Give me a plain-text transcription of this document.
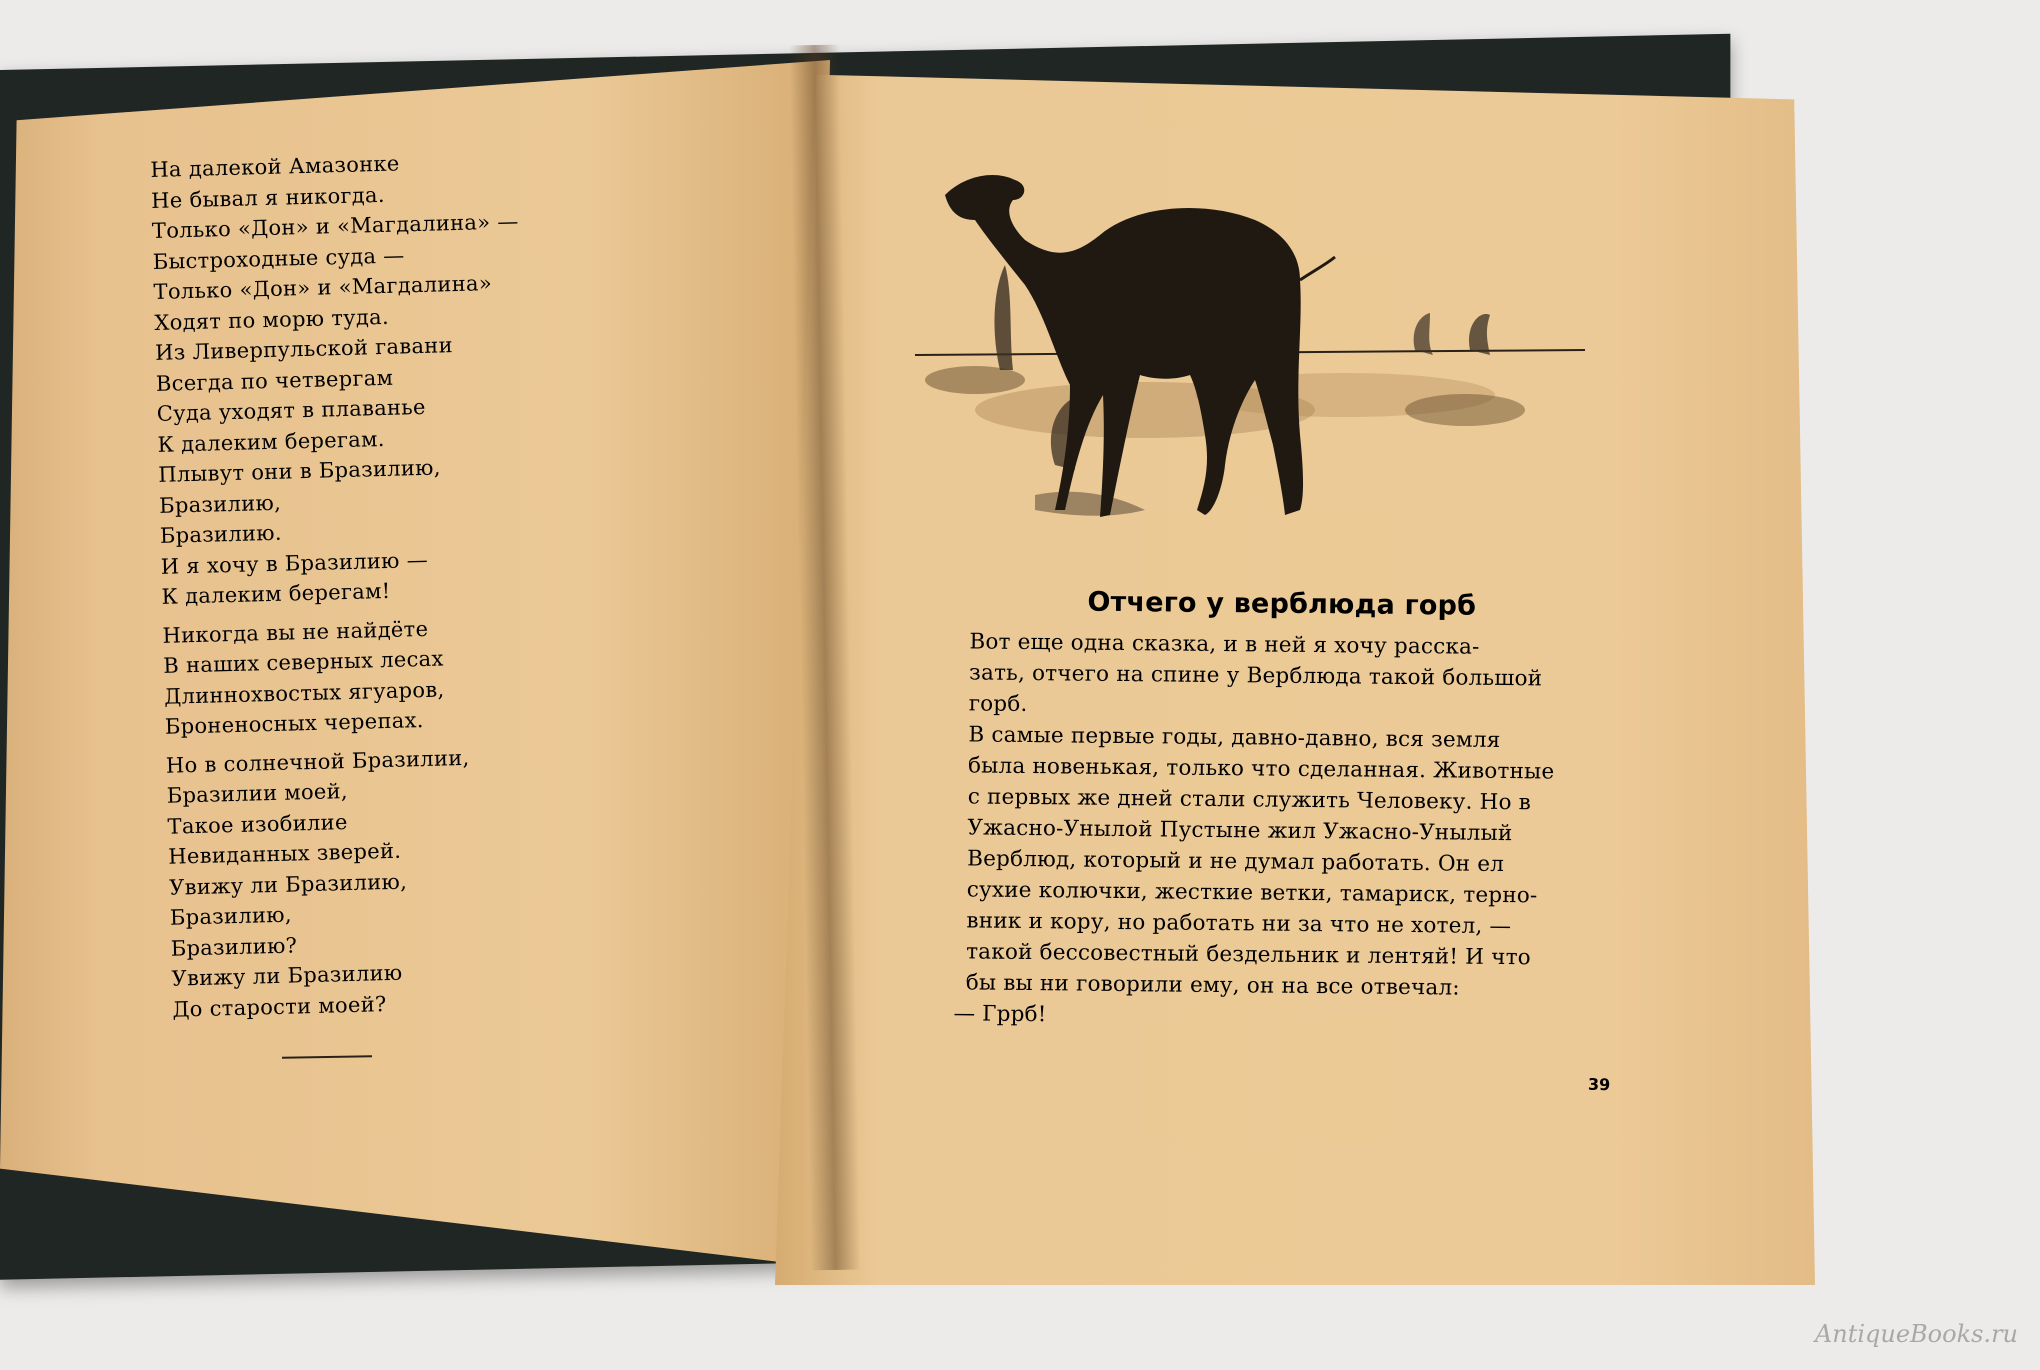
На далекой Амазонке
Не бывал я никогда.
Только «Дон» и «Магдалина» —
Быстроходные суда —
Только «Дон» и «Магдалина»
Ходят по морю туда.
Из Ливерпульской гавани
Всегда по четвергам
Суда уходят в плаванье
К далеким берегам.
Плывут они в Бразилию,
Бразилию,
Бразилию.
И я хочу в Бразилию —
К далеким берегам!
Никогда вы не найдёте
В наших северных лесах
Длиннохвостых ягуаров,
Броненосных черепах.
Но в солнечной Бразилии,
Бразилии моей,
Такое изобилие
Невиданных зверей.
Увижу ли Бразилию,
Бразилию,
Бразилию?
Увижу ли Бразилию
До старости моей?
Отчего у верблюда горб
Вот еще одна сказка, и в ней я хочу расска-
зать, отчего на спине у Верблюда такой большой
горб.
В самые первые годы, давно-давно, вся земля
была новенькая, только что сделанная. Животные
с первых же дней стали служить Человеку. Но в
Ужасно-Унылой Пустыне жил Ужасно-Унылый
Верблюд, который и не думал работать. Он ел
сухие колючки, жесткие ветки, тамариск, терно-
вник и кору, но работать ни за что не хотел, —
такой бессовестный бездельник и лентяй! И что
бы вы ни говорили ему, он на все отвечал:
— Гррб!
39
AntiqueBooks.ru
